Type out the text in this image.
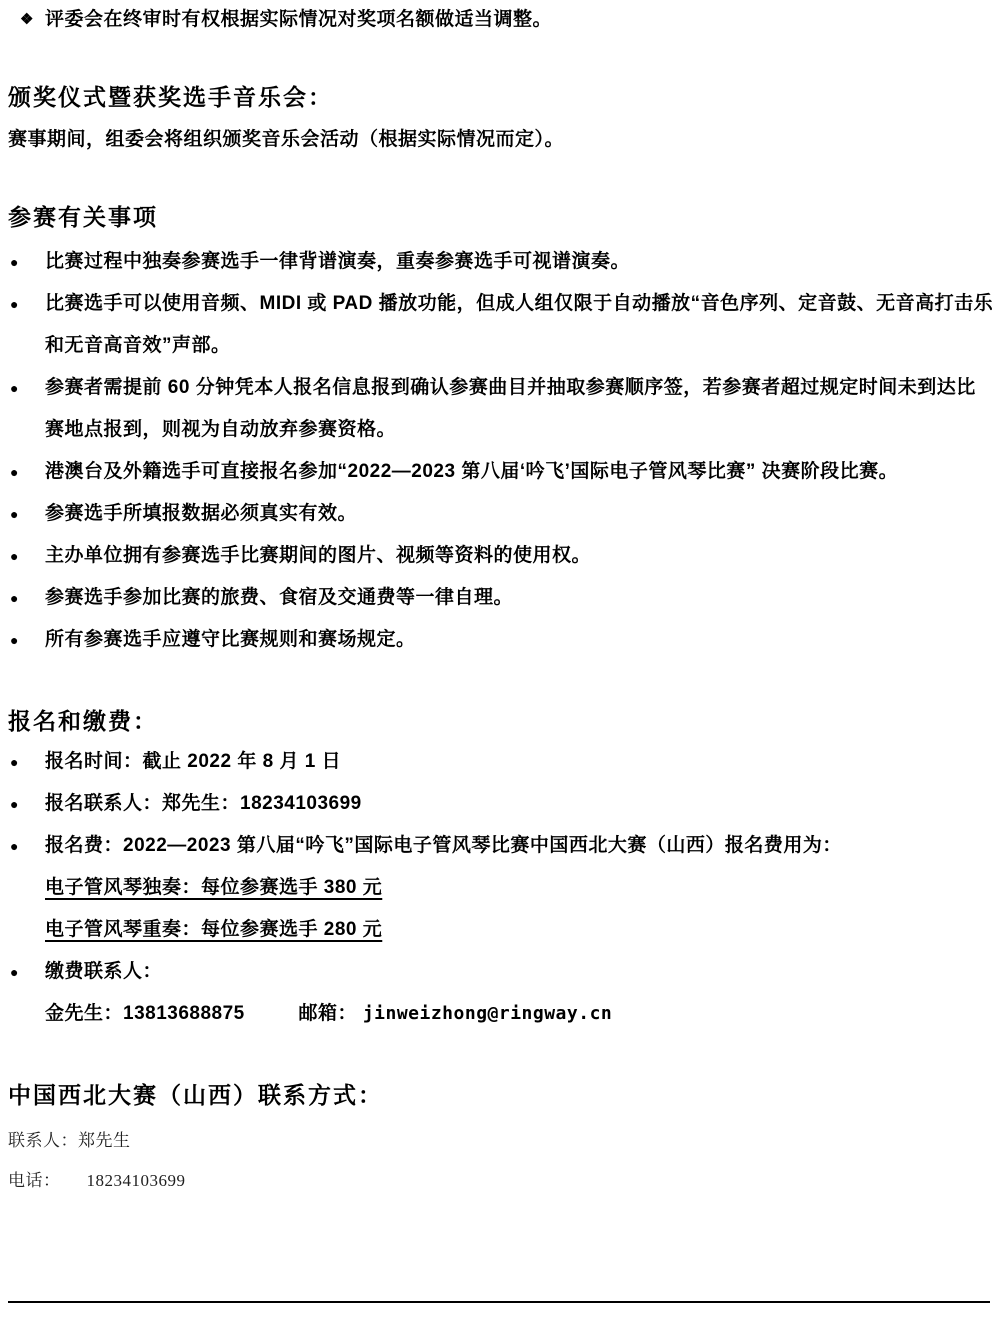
❖ 评委会在终审时有权根据实际情况对奖项名额做适当调整。
颁奖仪式暨获奖选手音乐会：

赛事期间，组委会将组织颁奖音乐会活动（根据实际情况而定）。

参赛有关事项
●	比赛过程中独奏参赛选手一律背谱演奏，重奏参赛选手可视谱演奏。
●	比赛选手可以使用音频、MIDI 或 PAD 播放功能，但成人组仅限于自动播放“音色序列、定音鼓、无音高打击乐
和无音高音效”声部。
●	参赛者需提前 60 分钟凭本人报名信息报到确认参赛曲目并抽取参赛顺序签，若参赛者超过规定时间未到达比
赛地点报到，则视为自动放弃参赛资格。
●	港澳台及外籍选手可直接报名参加“2022—2023 第八届‘吟飞’国际电子管风琴比赛” 决赛阶段比赛。
●	参赛选手所填报数据必须真实有效。
●	主办单位拥有参赛选手比赛期间的图片、视频等资料的使用权。
●	参赛选手参加比赛的旅费、食宿及交通费等一律自理。
●	所有参赛选手应遵守比赛规则和赛场规定。
报名和缴费：
●	报名时间：截止 2022 年 8 月 1 日
●	报名联系人：郑先生：18234103699
●	报名费：2022—2023 第八届“吟飞”国际电子管风琴比赛中国西北大赛（山西）报名费用为：
电子管风琴独奏：每位参赛选手 380 元
电子管风琴重奏：每位参赛选手 280 元
●	缴费联系人：
金先生：13813688875	邮箱： jinweizhong@ringway.cn
中国西北大赛（山西）联系方式：
联系人：郑先生
电话： 18234103699
